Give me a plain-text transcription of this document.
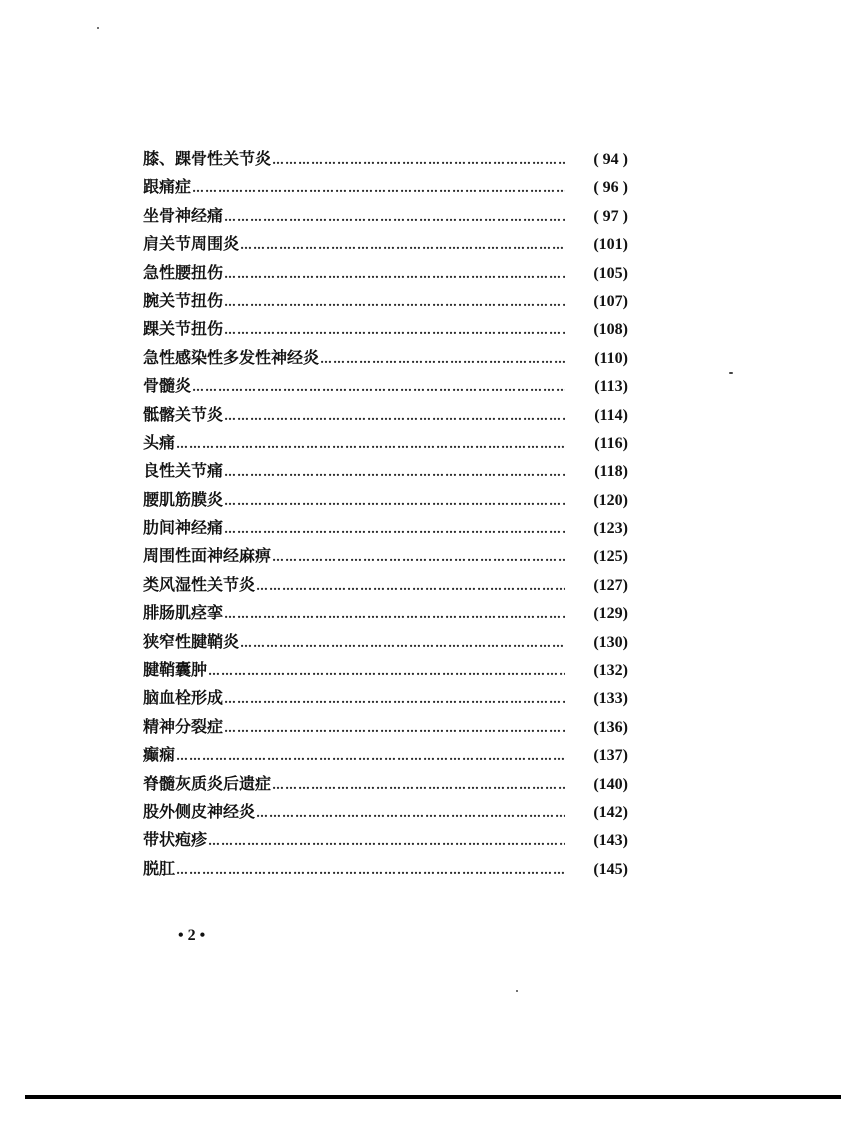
膝、踝骨性关节炎 …………………………………………………………………………………………………………………………………………………………	( 94 )
跟痛症 …………………………………………………………………………………………………………………………………………………………	( 96 )
坐骨神经痛 …………………………………………………………………………………………………………………………………………………………	( 97 )
肩关节周围炎 …………………………………………………………………………………………………………………………………………………………	(101)
急性腰扭伤 …………………………………………………………………………………………………………………………………………………………	(105)
腕关节扭伤 …………………………………………………………………………………………………………………………………………………………	(107)
踝关节扭伤 …………………………………………………………………………………………………………………………………………………………	(108)
急性感染性多发性神经炎 …………………………………………………………………………………………………………………………………………………………	(110)
骨髓炎 …………………………………………………………………………………………………………………………………………………………	(113)
骶髂关节炎 …………………………………………………………………………………………………………………………………………………………	(114)
头痛 …………………………………………………………………………………………………………………………………………………………	(116)
良性关节痛 …………………………………………………………………………………………………………………………………………………………	(118)
腰肌筋膜炎 …………………………………………………………………………………………………………………………………………………………	(120)
肋间神经痛 …………………………………………………………………………………………………………………………………………………………	(123)
周围性面神经麻痹 …………………………………………………………………………………………………………………………………………………………	(125)
类风湿性关节炎 …………………………………………………………………………………………………………………………………………………………	(127)
腓肠肌痉挛 …………………………………………………………………………………………………………………………………………………………	(129)
狭窄性腱鞘炎 …………………………………………………………………………………………………………………………………………………………	(130)
腱鞘囊肿 …………………………………………………………………………………………………………………………………………………………	(132)
脑血栓形成 …………………………………………………………………………………………………………………………………………………………	(133)
精神分裂症 …………………………………………………………………………………………………………………………………………………………	(136)
癫痫 …………………………………………………………………………………………………………………………………………………………	(137)
脊髓灰质炎后遗症 …………………………………………………………………………………………………………………………………………………………	(140)
股外侧皮神经炎 …………………………………………………………………………………………………………………………………………………………	(142)
带状疱疹 …………………………………………………………………………………………………………………………………………………………	(143)
脱肛 …………………………………………………………………………………………………………………………………………………………	(145)
• 2 •
